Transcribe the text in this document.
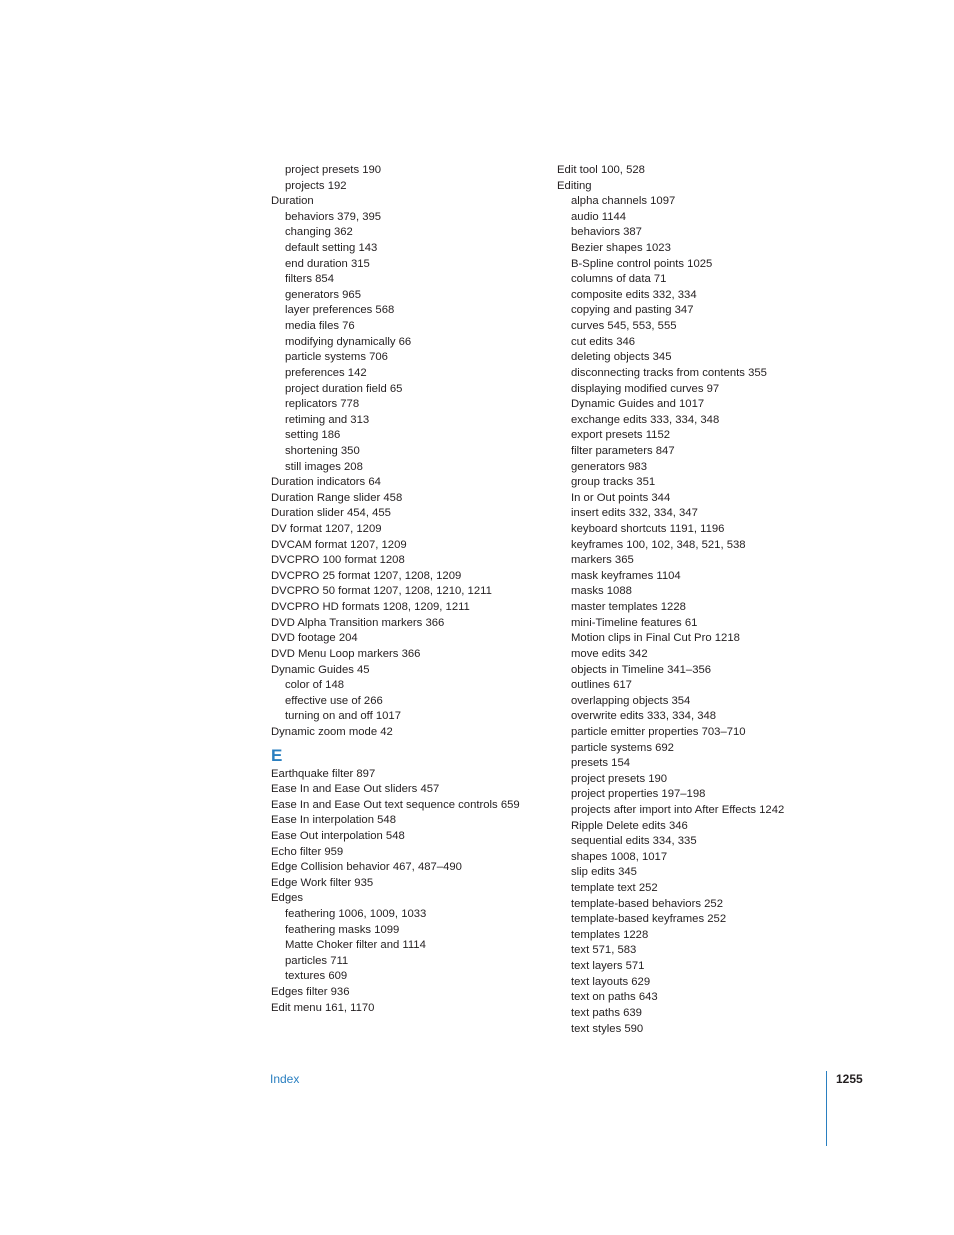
project presets 190
projects 192
Duration
behaviors 379, 395
changing 362
default setting 143
end duration 315
filters 854
generators 965
layer preferences 568
media files 76
modifying dynamically 66
particle systems 706
preferences 142
project duration field 65
replicators 778
retiming and 313
setting 186
shortening 350
still images 208
Duration indicators 64
Duration Range slider 458
Duration slider 454, 455
DV format 1207, 1209
DVCAM format 1207, 1209
DVCPRO 100 format 1208
DVCPRO 25 format 1207, 1208, 1209
DVCPRO 50 format 1207, 1208, 1210, 1211
DVCPRO HD formats 1208, 1209, 1211
DVD Alpha Transition markers 366
DVD footage 204
DVD Menu Loop markers 366
Dynamic Guides 45
color of 148
effective use of 266
turning on and off 1017
Dynamic zoom mode 42
E
Earthquake filter 897
Ease In and Ease Out sliders 457
Ease In and Ease Out text sequence controls 659
Ease In interpolation 548
Ease Out interpolation 548
Echo filter 959
Edge Collision behavior 467, 487–490
Edge Work filter 935
Edges
feathering 1006, 1009, 1033
feathering masks 1099
Matte Choker filter and 1114
particles 711
textures 609
Edges filter 936
Edit menu 161, 1170
Edit tool 100, 528
Editing
alpha channels 1097
audio 1144
behaviors 387
Bezier shapes 1023
B-Spline control points 1025
columns of data 71
composite edits 332, 334
copying and pasting 347
curves 545, 553, 555
cut edits 346
deleting objects 345
disconnecting tracks from contents 355
displaying modified curves 97
Dynamic Guides and 1017
exchange edits 333, 334, 348
export presets 1152
filter parameters 847
generators 983
group tracks 351
In or Out points 344
insert edits 332, 334, 347
keyboard shortcuts 1191, 1196
keyframes 100, 102, 348, 521, 538
markers 365
mask keyframes 1104
masks 1088
master templates 1228
mini-Timeline features 61
Motion clips in Final Cut Pro 1218
move edits 342
objects in Timeline 341–356
outlines 617
overlapping objects 354
overwrite edits 333, 334, 348
particle emitter properties 703–710
particle systems 692
presets 154
project presets 190
project properties 197–198
projects after import into After Effects 1242
Ripple Delete edits 346
sequential edits 334, 335
shapes 1008, 1017
slip edits 345
template text 252
template-based behaviors 252
template-based keyframes 252
templates 1228
text 571, 583
text layers 571
text layouts 629
text on paths 643
text paths 639
text styles 590
Index	1255
